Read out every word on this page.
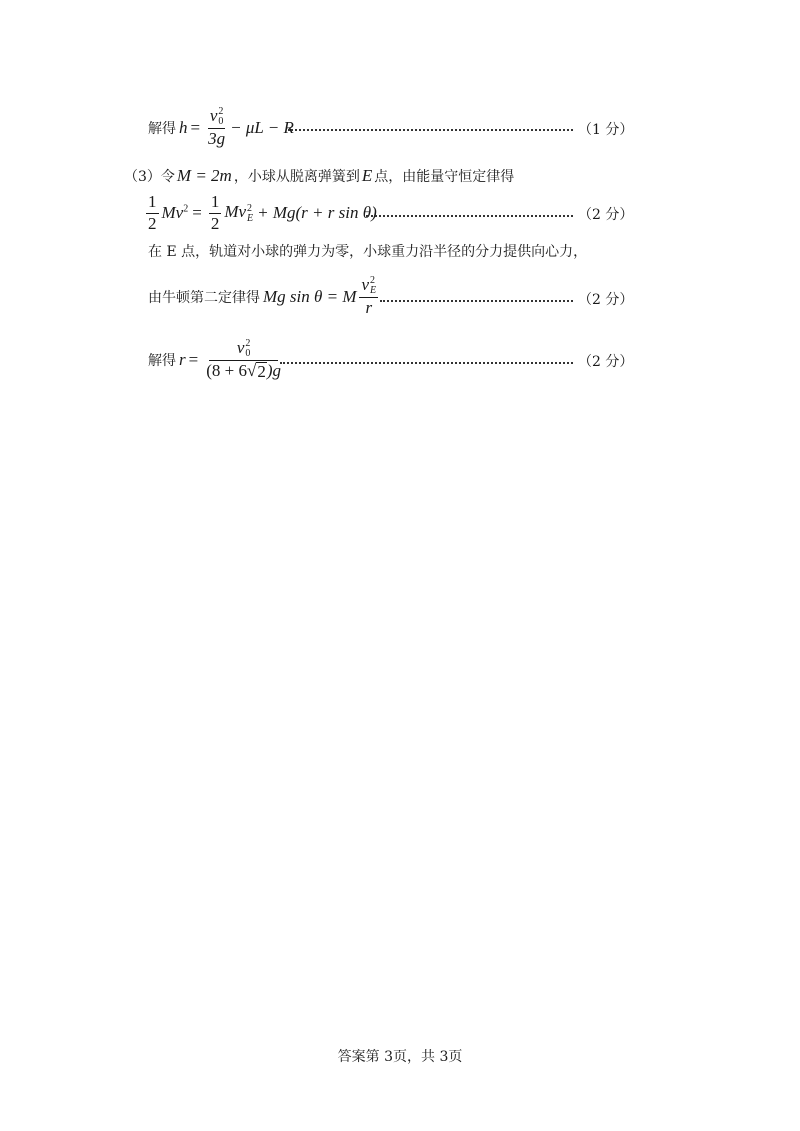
解得 h = v 2
0
3g − μL − R	（1 分）
（3）令 M = 2m ，小球从脱离弹簧到 E 点，由能量守恒定律得
$\frac{1}{2} Mv^2 = \frac{1}{2}$ Mv 2
E + Mg(r + r sin θ)	（2 分）
在 E 点，轨道对小球的弹力为零，小球重力沿半径的分力提供向心力，
由牛顿第二定律得 Mg sin θ = M v 2
E
r	（2 分）
解得 r = v 2
0
(8 + 6 √ 2 )g	（2 分）
答案第 3页，共 3页
